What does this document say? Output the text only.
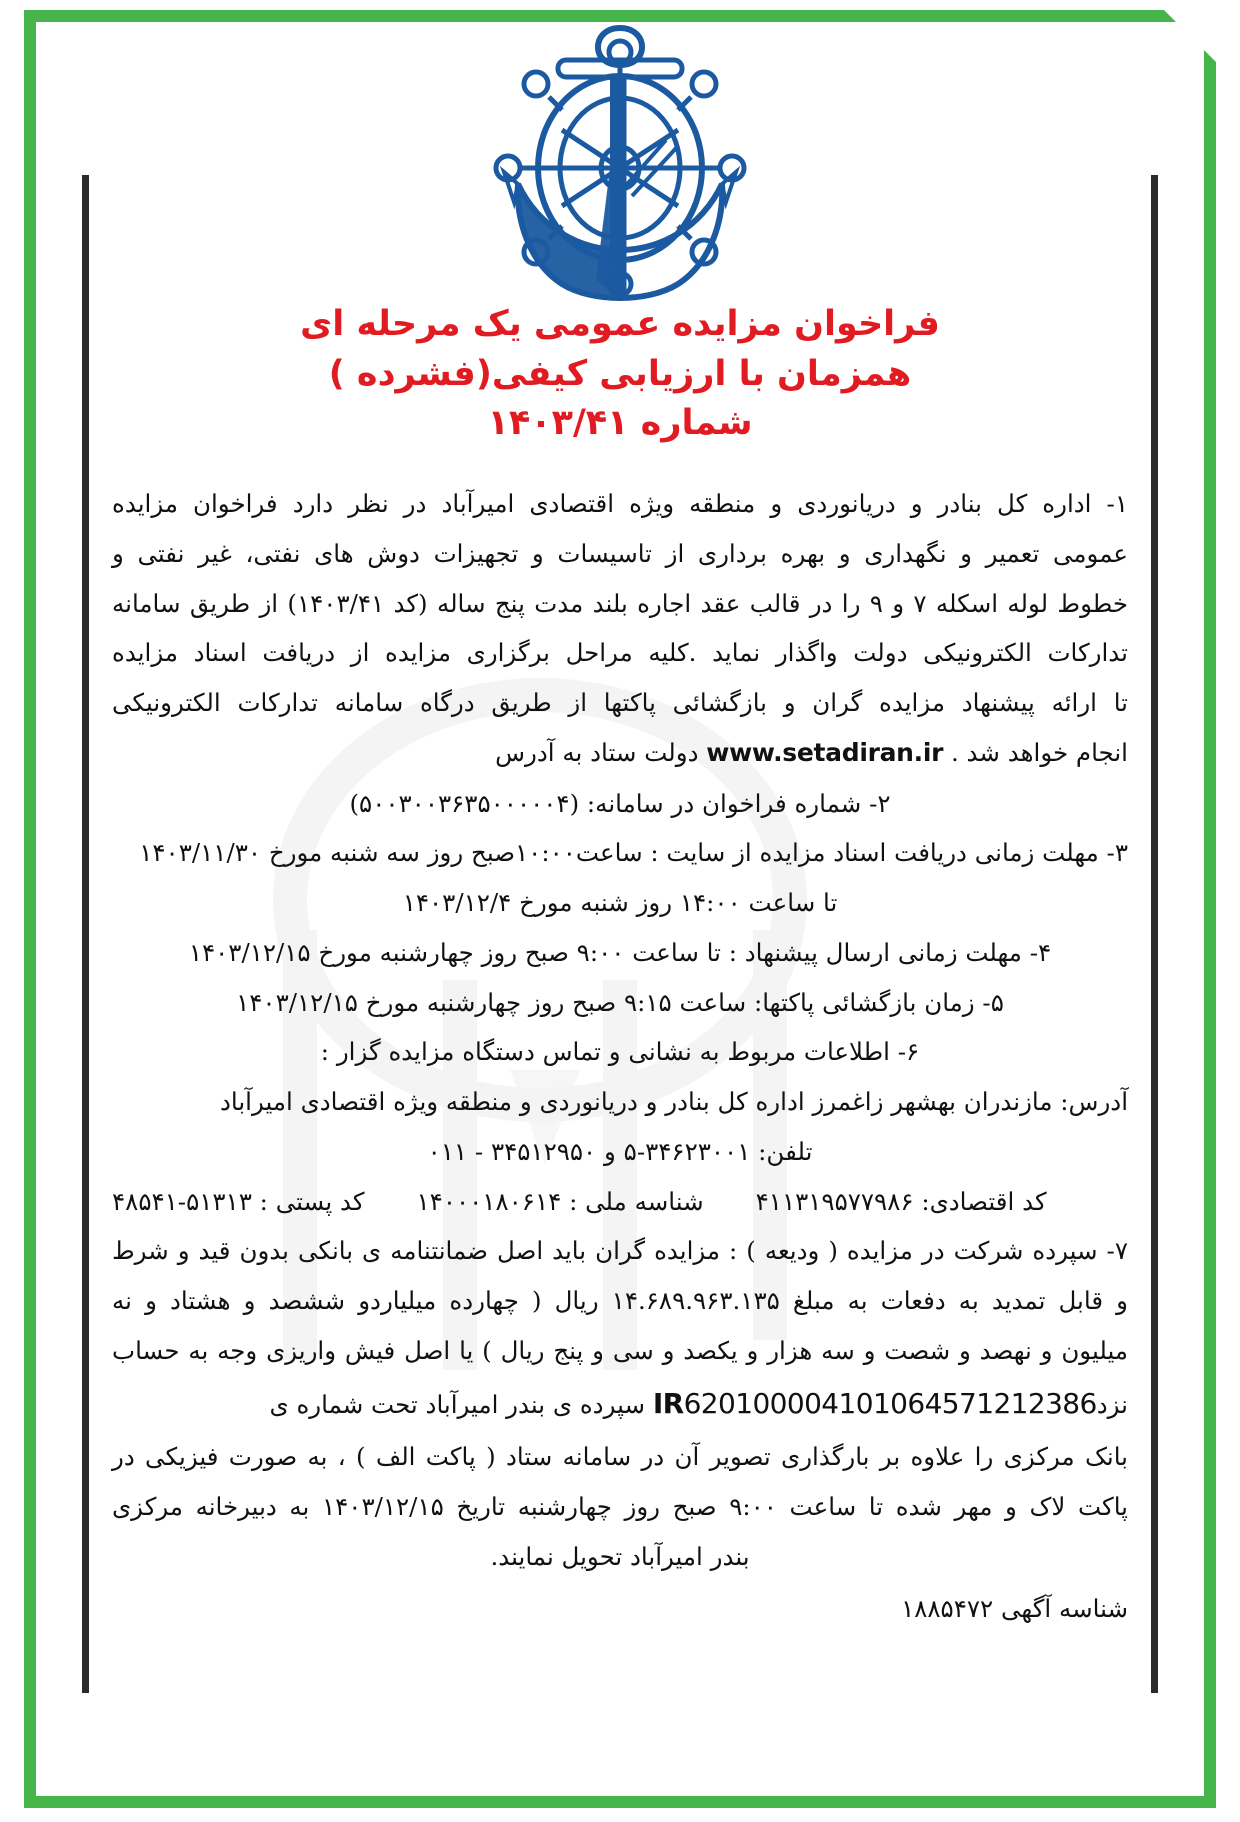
فراخوان مزایده عمومی یک مرحله ای
همزمان با ارزیابی کیفی(فشرده )
شماره ۱۴۰۳/۴۱

۱- اداره کل بنادر و دریانوردی و منطقه ویژه اقتصادی امیرآباد در نظر دارد فراخوان مزایده

عمومی تعمیر و نگهداری و بهره برداری از تاسیسات و تجهیزات دوش های نفتی، غیر نفتی و

خطوط لوله اسکله ۷ و ۹ را در قالب عقد اجاره بلند مدت پنج ساله (کد ۱۴۰۳/۴۱) از طریق سامانه

تدارکات الکترونیکی دولت واگذار نماید .کلیه مراحل برگزاری مزایده از دریافت اسناد مزایده

تا ارائه پیشنهاد مزایده گران و بازگشائی پاکتها از طریق درگاه سامانه تدارکات الکترونیکی

انجام خواهد شد . www.setadiran.ir دولت ستاد به آدرس

۲- شماره فراخوان در سامانه: (۵۰۰۳۰۰۳۶۳۵۰۰۰۰۰۴)

۳- مهلت زمانی دریافت اسناد مزایده از سایت : ساعت۱۰:۰۰صبح روز سه شنبه مورخ ۱۴۰۳/۱۱/۳۰

تا ساعت ۱۴:۰۰ روز شنبه مورخ ۱۴۰۳/۱۲/۴

۴- مهلت زمانی ارسال پیشنهاد : تا ساعت ۹:۰۰ صبح روز چهارشنبه مورخ ۱۴۰۳/۱۲/۱۵

۵- زمان بازگشائی پاکتها: ساعت ۹:۱۵ صبح روز چهارشنبه مورخ ۱۴۰۳/۱۲/۱۵

۶- اطلاعات مربوط به نشانی و تماس دستگاه مزایده گزار :

آدرس: مازندران بهشهر زاغمرز اداره کل بنادر و دریانوردی و منطقه ویژه اقتصادی امیرآباد

تلفن: ۳۴۶۲۳۰۰۱-۵ و ۳۴۵۱۲۹۵۰ - ۰۱۱

کد پستی : ۵۱۳۱۳-۴۸۵۴۱	شناسه ملی : ۱۴۰۰۰۱۸۰۶۱۴	کد اقتصادی: ۴۱۱۳۱۹۵۷۷۹۸۶

۷- سپرده شرکت در مزایده ( ودیعه ) : مزایده گران باید اصل ضمانتنامه ی بانکی بدون قید و شرط

و قابل تمدید به دفعات به مبلغ ۱۴.۶۸۹.۹۶۳.۱۳۵ ریال ( چهارده میلیاردو ششصد و هشتاد و نه

میلیون و نهصد و شصت و سه هزار و یکصد و سی و پنج ریال ) یا اصل فیش واریزی وجه به حساب

نزدIR620100004101064571212386 سپرده ی بندر امیرآباد تحت شماره ی

بانک مرکزی را علاوه بر بارگذاری تصویر آن در سامانه ستاد ( پاکت الف ) ، به صورت فیزیکی در

پاکت لاک و مهر شده تا ساعت ۹:۰۰ صبح روز چهارشنبه تاریخ ۱۴۰۳/۱۲/۱۵ به دبیرخانه مرکزی

بندر امیرآباد تحویل نمایند.

شناسه آگهی ۱۸۸۵۴۷۲
